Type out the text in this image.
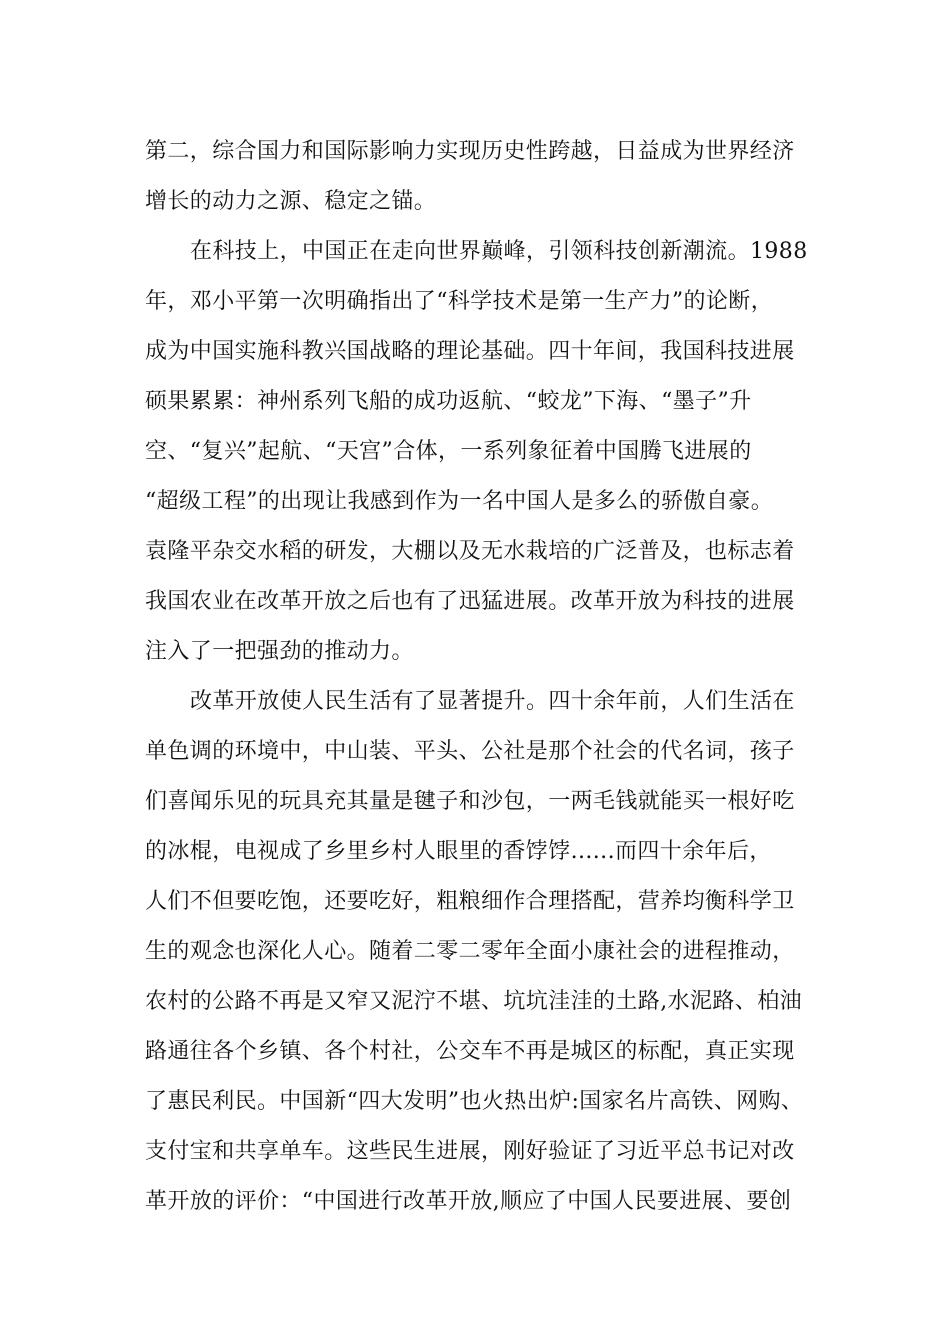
第二，综合国力和国际影响力实现历史性跨越，日益成为世界经济
增长的动力之源、稳定之锚。
在科技上，中国正在走向世界巅峰，引领科技创新潮流。1988
年，邓小平第一次明确指出了“科学技术是第一生产力”的论断，
成为中国实施科教兴国战略的理论基础。四十年间，我国科技进展
硕果累累：神州系列飞船的成功返航、“蛟龙”下海、“墨子”升
空、“复兴”起航、“天宫”合体，一系列象征着中国腾飞进展的
“超级工程”的出现让我感到作为一名中国人是多么的骄傲自豪。
袁隆平杂交水稻的研发，大棚以及无水栽培的广泛普及，也标志着
我国农业在改革开放之后也有了迅猛进展。改革开放为科技的进展
注入了一把强劲的推动力。
改革开放使人民生活有了显著提升。四十余年前，人们生活在
单色调的环境中，中山装、平头、公社是那个社会的代名词，孩子
们喜闻乐见的玩具充其量是毽子和沙包，一两毛钱就能买一根好吃
的冰棍，电视成了乡里乡村人眼里的香饽饽......而四十余年后，
人们不但要吃饱，还要吃好，粗粮细作合理搭配，营养均衡科学卫
生的观念也深化人心。随着二零二零年全面小康社会的进程推动，
农村的公路不再是又窄又泥泞不堪、坑坑洼洼的土路,水泥路、柏油
路通往各个乡镇、各个村社，公交车不再是城区的标配，真正实现
了惠民利民。中国新“四大发明”也火热出炉:国家名片高铁、网购、
支付宝和共享单车。这些民生进展，刚好验证了习近平总书记对改
革开放的评价：“中国进行改革开放,顺应了中国人民要进展、要创
